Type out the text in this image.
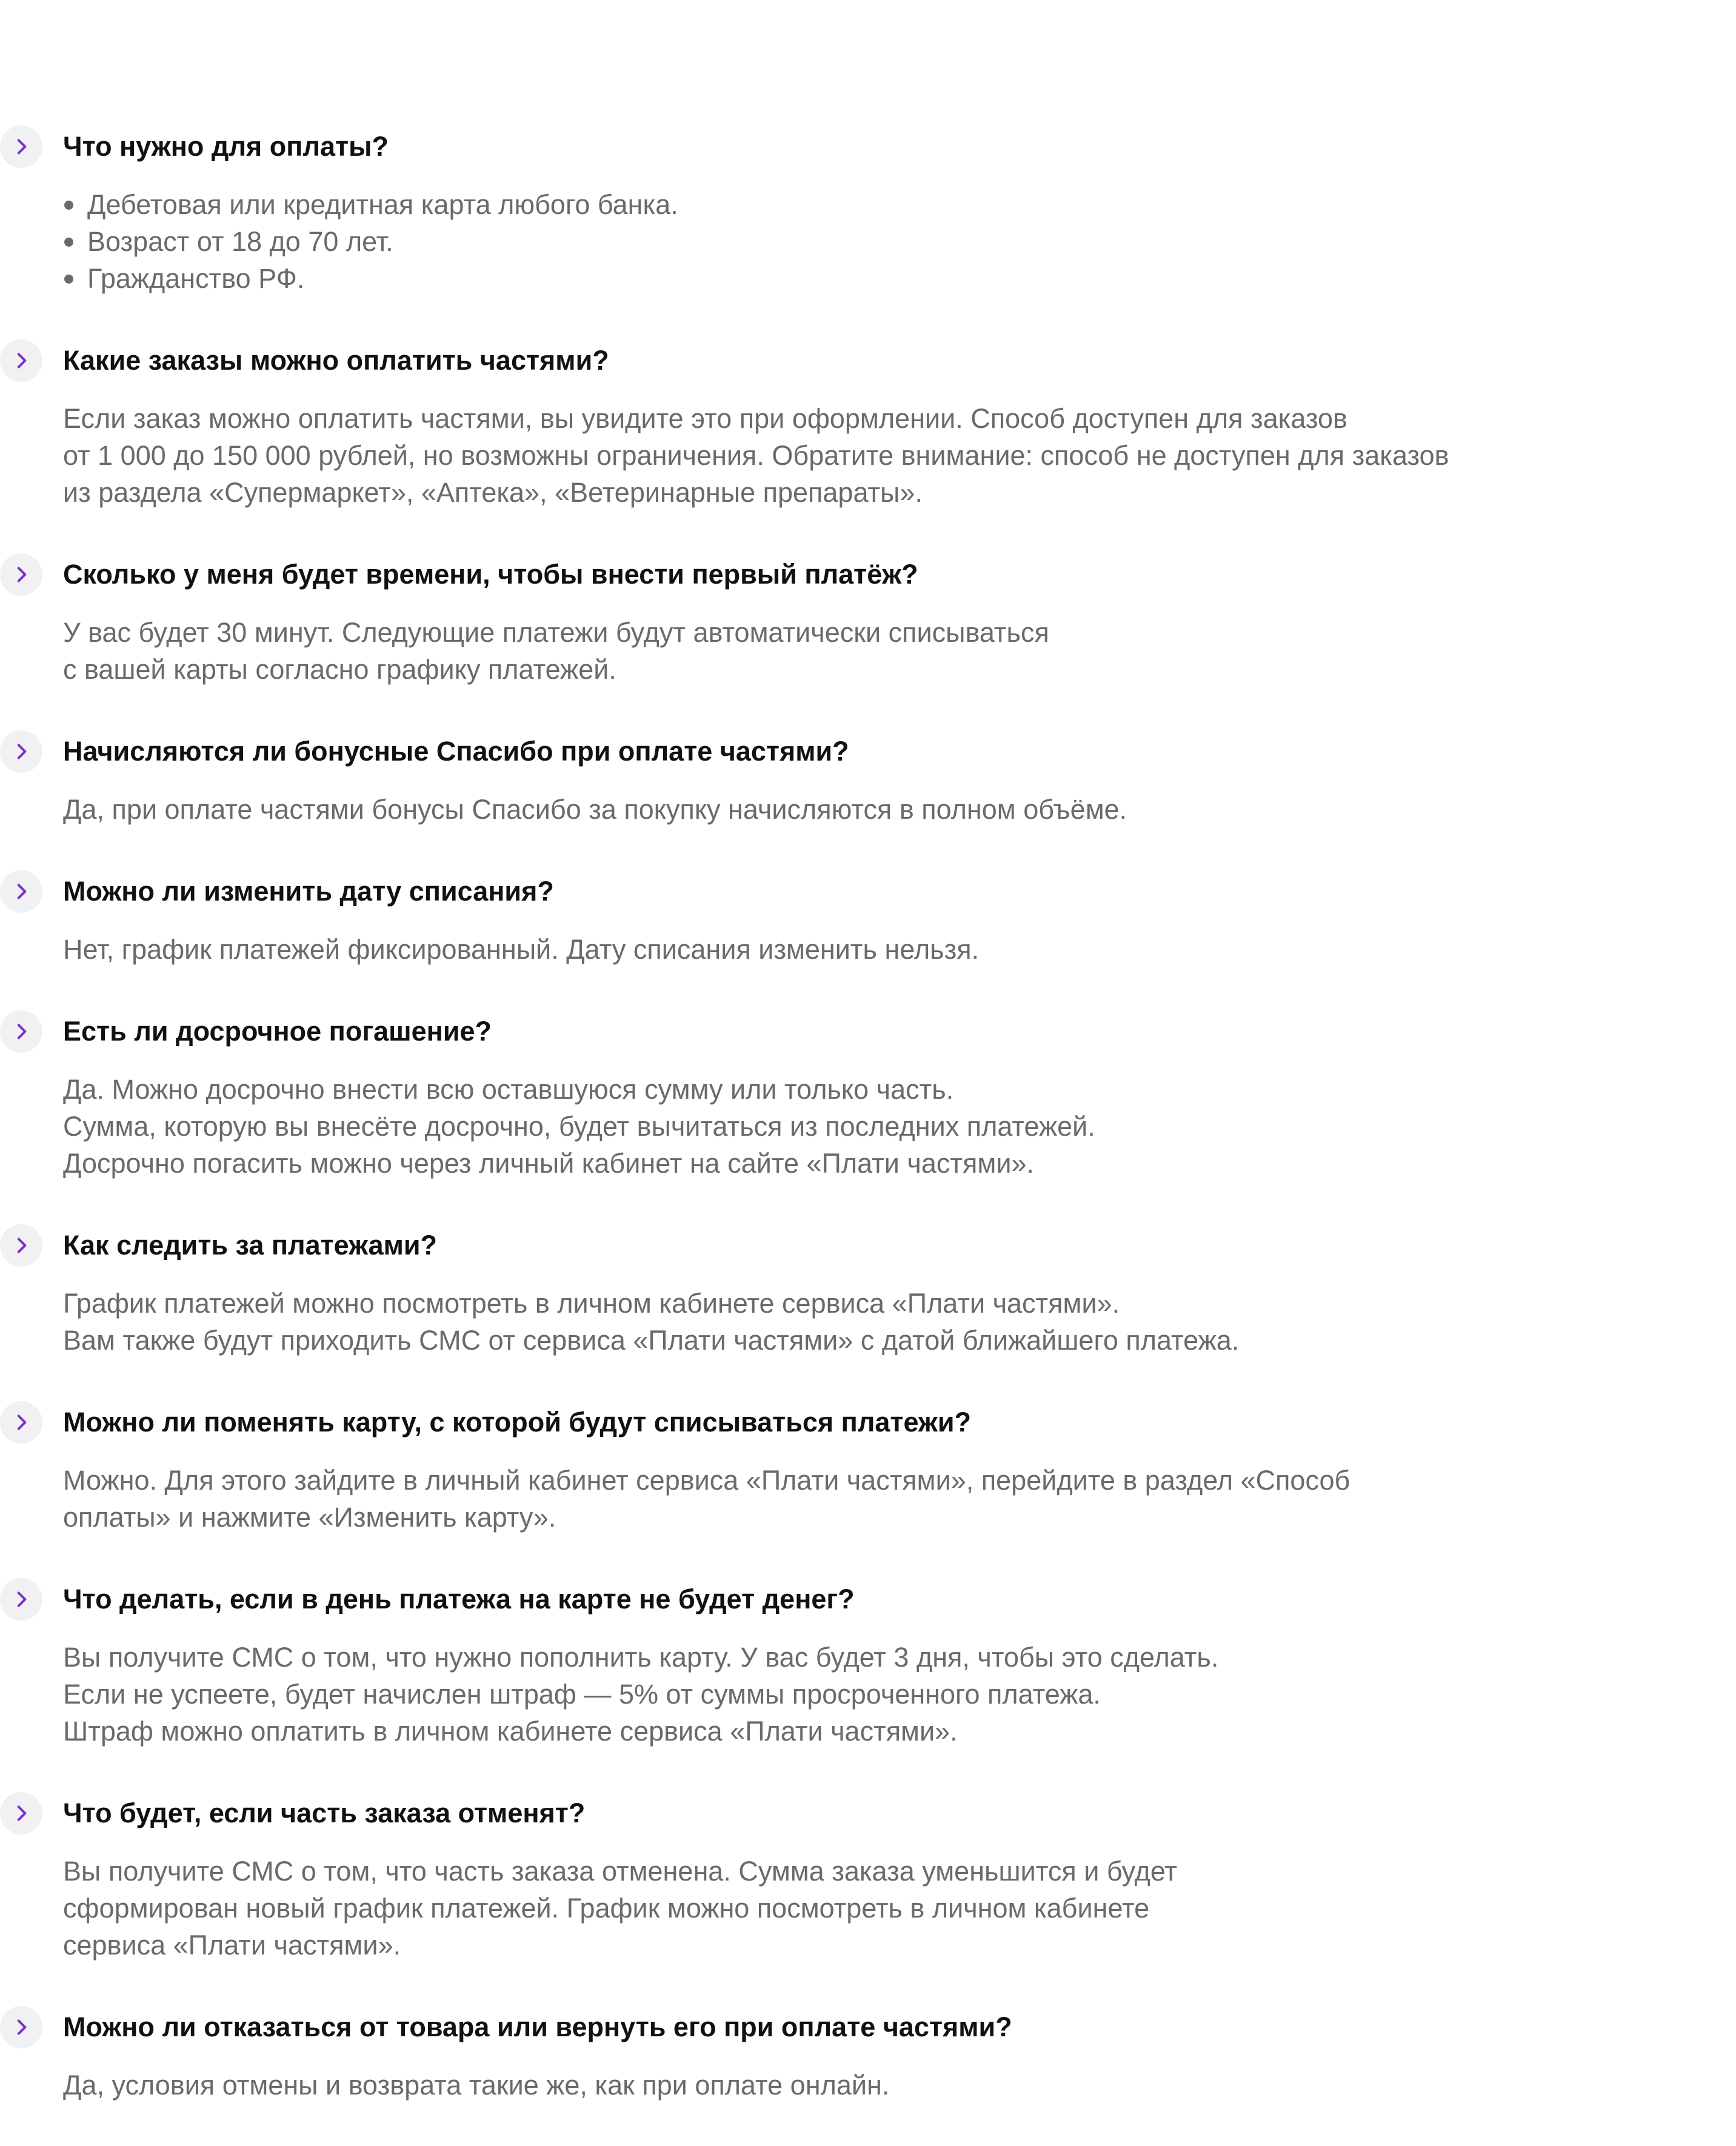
Что нужно для оплаты?
Дебетовая или кредитная карта любого банка.
Возраст от 18 до 70 лет.
Гражданство РФ.
Какие заказы можно оплатить частями?
Если заказ можно оплатить частями, вы увидите это при оформлении. Способ доступен для заказов
от 1 000 до 150 000 рублей, но возможны ограничения. Обратите внимание: способ не доступен для заказов
из раздела «Супермаркет», «Аптека», «Ветеринарные препараты».
Сколько у меня будет времени, чтобы внести первый платёж?
У вас будет 30 минут. Следующие платежи будут автоматически списываться
с вашей карты согласно графику платежей.
Начисляются ли бонусные Спасибо при оплате частями?
Да, при оплате частями бонусы Спасибо за покупку начисляются в полном объёме.
Можно ли изменить дату списания?
Нет, график платежей фиксированный. Дату списания изменить нельзя.
Есть ли досрочное погашение?
Да. Можно досрочно внести всю оставшуюся сумму или только часть.
Сумма, которую вы внесёте досрочно, будет вычитаться из последних платежей.
Досрочно погасить можно через личный кабинет на сайте «Плати частями».
Как следить за платежами?
График платежей можно посмотреть в личном кабинете сервиса «Плати частями».
Вам также будут приходить СМС от сервиса «Плати частями» с датой ближайшего платежа.
Можно ли поменять карту, с которой будут списываться платежи?
Можно. Для этого зайдите в личный кабинет сервиса «Плати частями», перейдите в раздел «Способ
оплаты» и нажмите «Изменить карту».
Что делать, если в день платежа на карте не будет денег?
Вы получите СМС о том, что нужно пополнить карту. У вас будет 3 дня, чтобы это сделать.
Если не успеете, будет начислен штраф — 5% от суммы просроченного платежа.
Штраф можно оплатить в личном кабинете сервиса «Плати частями».
Что будет, если часть заказа отменят?
Вы получите СМС о том, что часть заказа отменена. Сумма заказа уменьшится и будет
сформирован новый график платежей. График можно посмотреть в личном кабинете
сервиса «Плати частями».
Можно ли отказаться от товара или вернуть его при оплате частями?
Да, условия отмены и возврата такие же, как при оплате онлайн.
